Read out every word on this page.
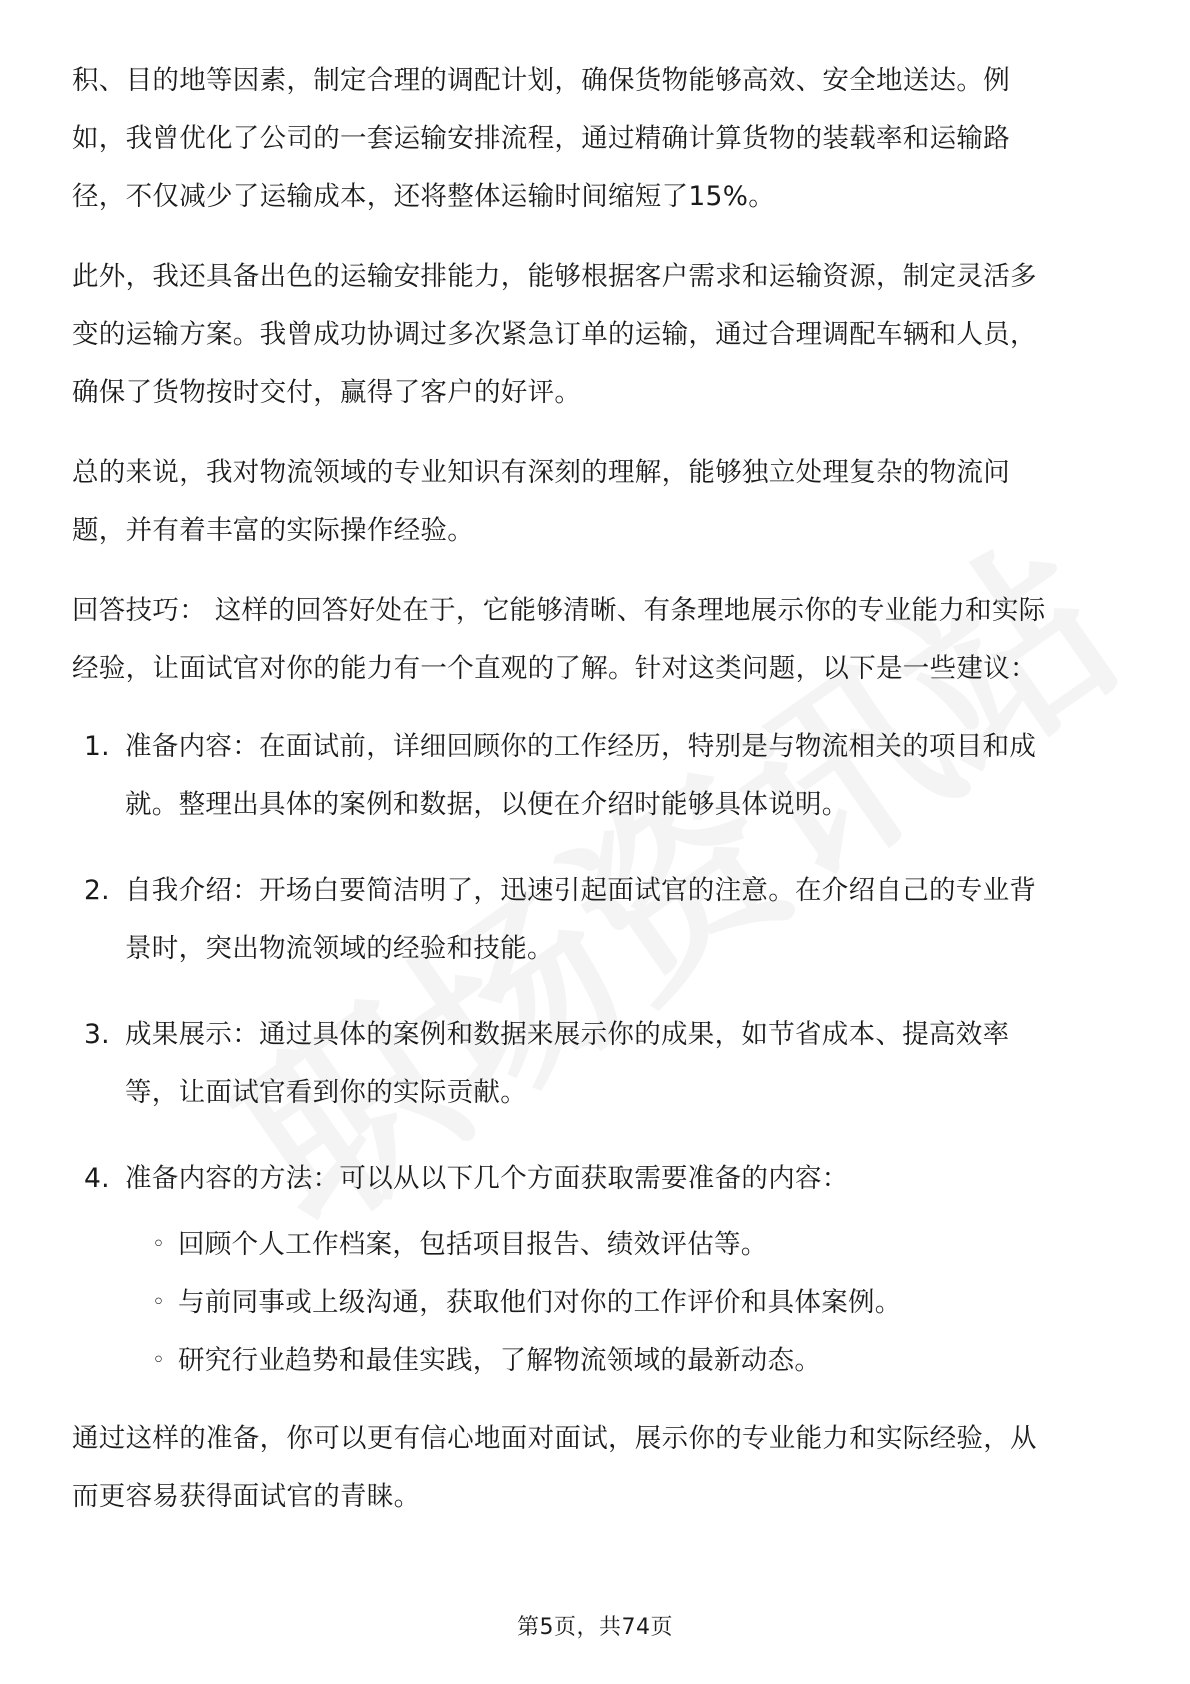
积、目的地等因素，制定合理的调配计划，确保货物能够高效、安全地送达。例
如，我曾优化了公司的一套运输安排流程，通过精确计算货物的装载率和运输路
径，不仅减少了运输成本，还将整体运输时间缩短了15%。
此外，我还具备出色的运输安排能力，能够根据客户需求和运输资源，制定灵活多
变的运输方案。我曾成功协调过多次紧急订单的运输，通过合理调配车辆和人员，
确保了货物按时交付，赢得了客户的好评。
总的来说，我对物流领域的专业知识有深刻的理解，能够独立处理复杂的物流问
题，并有着丰富的实际操作经验。
回答技巧： 这样的回答好处在于，它能够清晰、有条理地展示你的专业能力和实际
经验，让面试官对你的能力有一个直观的了解。针对这类问题，以下是一些建议：
1. 准备内容：在面试前，详细回顾你的工作经历，特别是与物流相关的项目和成
就。整理出具体的案例和数据，以便在介绍时能够具体说明。
2. 自我介绍：开场白要简洁明了，迅速引起面试官的注意。在介绍自己的专业背
景时，突出物流领域的经验和技能。
3. 成果展示：通过具体的案例和数据来展示你的成果，如节省成本、提高效率
等，让面试官看到你的实际贡献。
4. 准备内容的方法：可以从以下几个方面获取需要准备的内容：
◦ 回顾个人工作档案，包括项目报告、绩效评估等。
◦ 与前同事或上级沟通，获取他们对你的工作评价和具体案例。
◦ 研究行业趋势和最佳实践，了解物流领域的最新动态。
通过这样的准备，你可以更有信心地面对面试，展示你的专业能力和实际经验，从
而更容易获得面试官的青睐。
第5页，共74页
